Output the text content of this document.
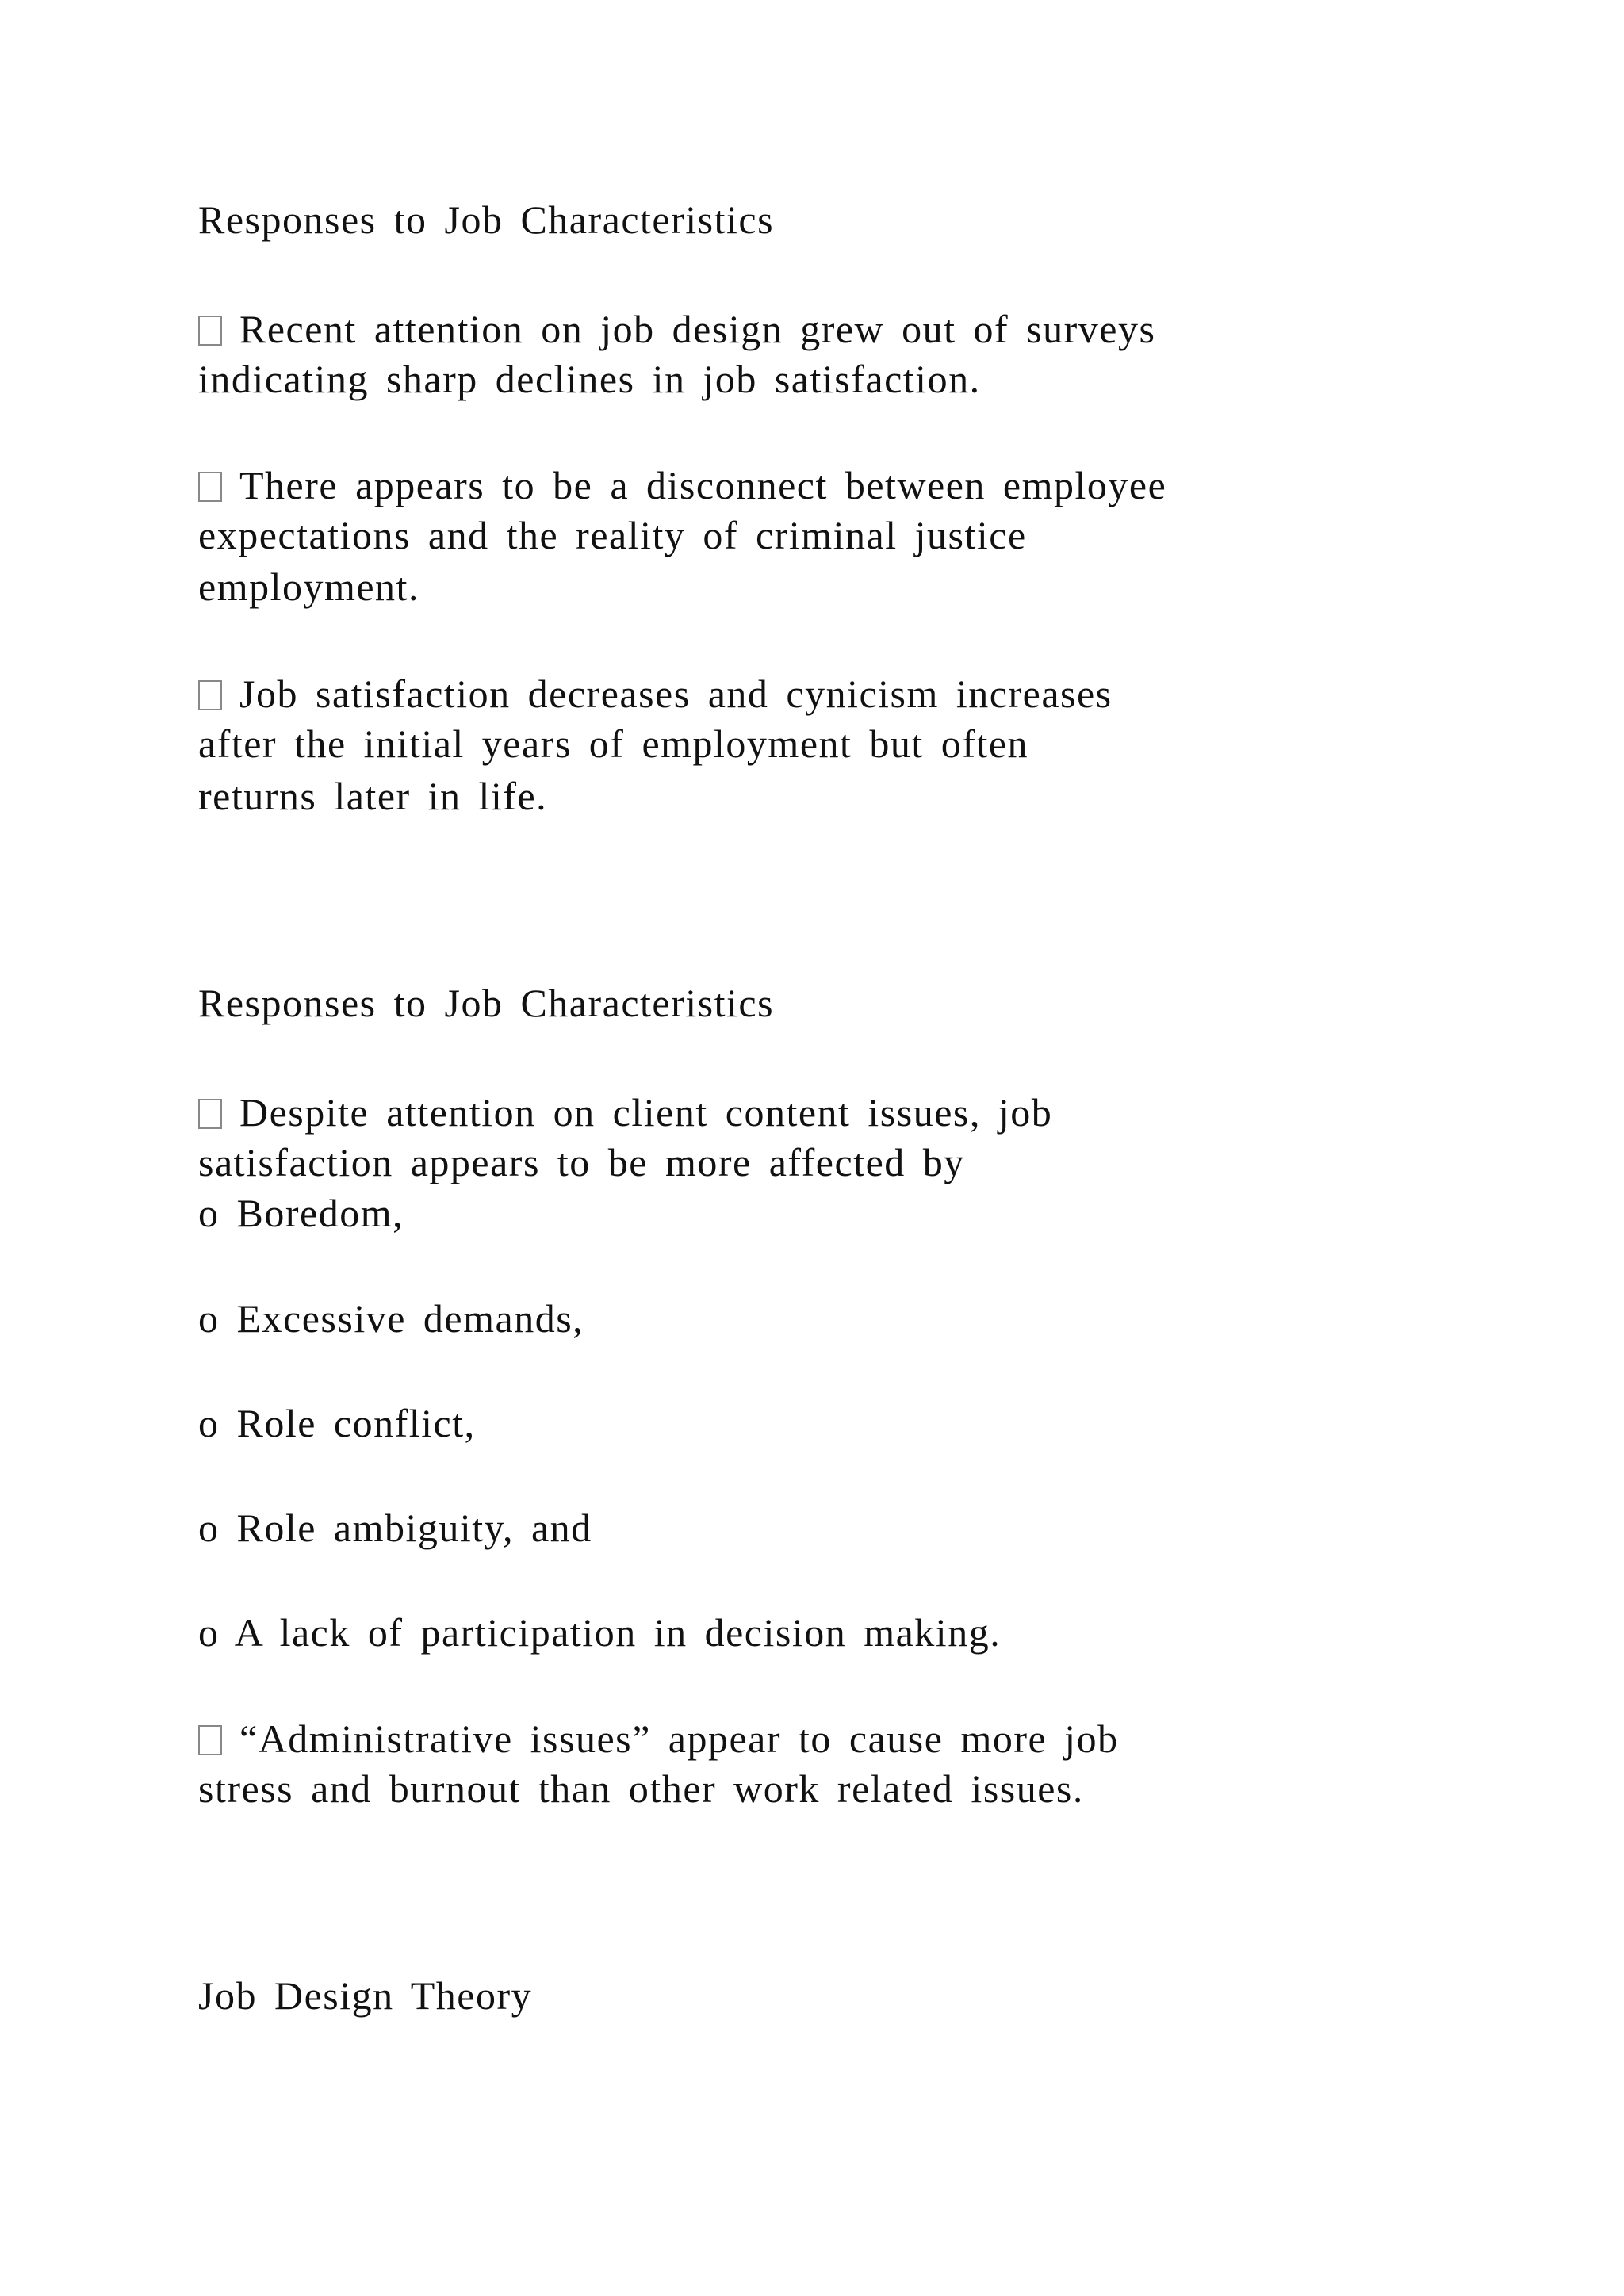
Responses to Job Characteristics
Recent attention on job design grew out of surveys
indicating sharp declines in job satisfaction.
There appears to be a disconnect between employee
expectations and the reality of criminal justice
employment.
Job satisfaction decreases and cynicism increases
after the initial years of employment but often
returns later in life.
Responses to Job Characteristics
Despite attention on client content issues, job
satisfaction appears to be more affected by
o Boredom,
o Excessive demands,
o Role conflict,
o Role ambiguity, and
o A lack of participation in decision making.
“Administrative issues” appear to cause more job
stress and burnout than other work related issues.
Job Design Theory
